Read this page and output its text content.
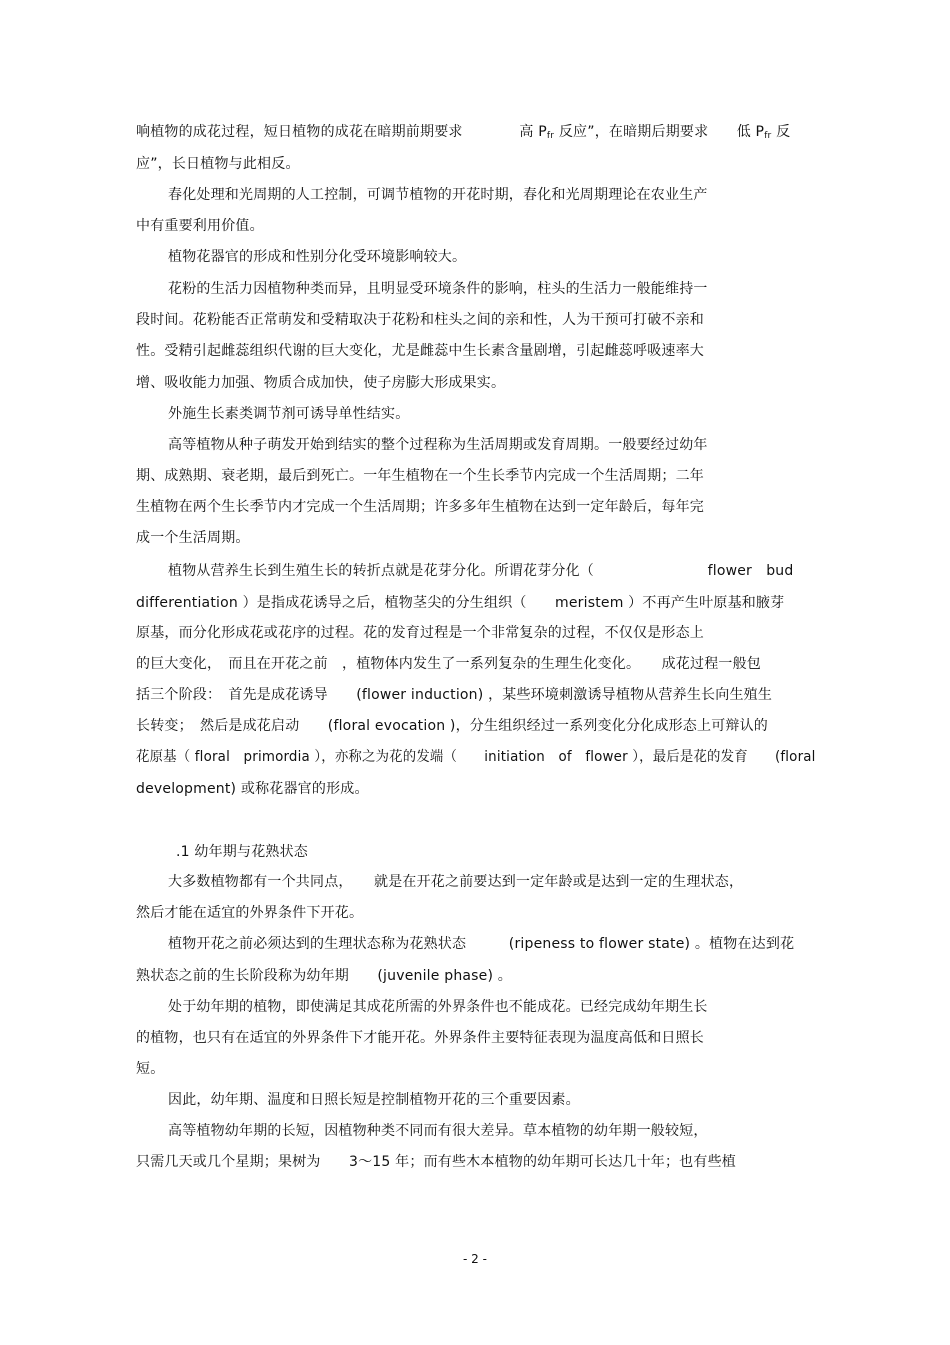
响植物的成花过程，短日植物的成花在暗期前期要求　　　　高 $P_{fr}$ 反应”，在暗期后期要求　　低 $P_{fr}$ 反
应”，长日植物与此相反。
春化处理和光周期的人工控制，可调节植物的开花时期，春化和光周期理论在农业生产
中有重要利用价值。
植物花器官的形成和性别分化受环境影响较大。
花粉的生活力因植物种类而异，且明显受环境条件的影响，柱头的生活力一般能维持一
段时间。花粉能否正常萌发和受精取决于花粉和柱头之间的亲和性，人为干预可打破不亲和
性。受精引起雌蕊组织代谢的巨大变化，尤是雌蕊中生长素含量剧增，引起雌蕊呼吸速率大
增、吸收能力加强、物质合成加快，使子房膨大形成果实。
外施生长素类调节剂可诱导单性结实。
高等植物从种子萌发开始到结实的整个过程称为生活周期或发育周期。一般要经过幼年
期、成熟期、衰老期，最后到死亡。一年生植物在一个生长季节内完成一个生活周期；二年
生植物在两个生长季节内才完成一个生活周期；许多多年生植物在达到一定年龄后，每年完
成一个生活周期。
植物从营养生长到生殖生长的转折点就是花芽分化。所谓花芽分化（　　　　　　　　flower　bud
differentiation ）是指成花诱导之后，植物茎尖的分生组织（　　meristem ）不再产生叶原基和腋芽
原基，而分化形成花或花序的过程。花的发育过程是一个非常复杂的过程，不仅仅是形态上
的巨大变化，　而且在开花之前　，植物体内发生了一系列复杂的生理生化变化。　　成花过程一般包
括三个阶段：　首先是成花诱导　　(flower induction) ，某些环境刺激诱导植物从营养生长向生殖生
长转变；　然后是成花启动　　(floral evocation )，分生组织经过一系列变化分化成形态上可辩认的
花原基（ floral　primordia ），亦称之为花的发端（　　initiation　of　flower ），最后是花的发育　　(floral
development) 或称花器官的形成。
.1 幼年期与花熟状态
大多数植物都有一个共同点，　　就是在开花之前要达到一定年龄或是达到一定的生理状态，
然后才能在适宜的外界条件下开花。
植物开花之前必须达到的生理状态称为花熟状态　　　(ripeness to flower state) 。植物在达到花
熟状态之前的生长阶段称为幼年期　　(juvenile phase) 。
处于幼年期的植物，即使满足其成花所需的外界条件也不能成花。已经完成幼年期生长
的植物，也只有在适宜的外界条件下才能开花。外界条件主要特征表现为温度高低和日照长
短。
因此，幼年期、温度和日照长短是控制植物开花的三个重要因素。
高等植物幼年期的长短，因植物种类不同而有很大差异。草本植物的幼年期一般较短，
只需几天或几个星期；果树为　　3～15 年；而有些木本植物的幼年期可长达几十年；也有些植
- 2 -
